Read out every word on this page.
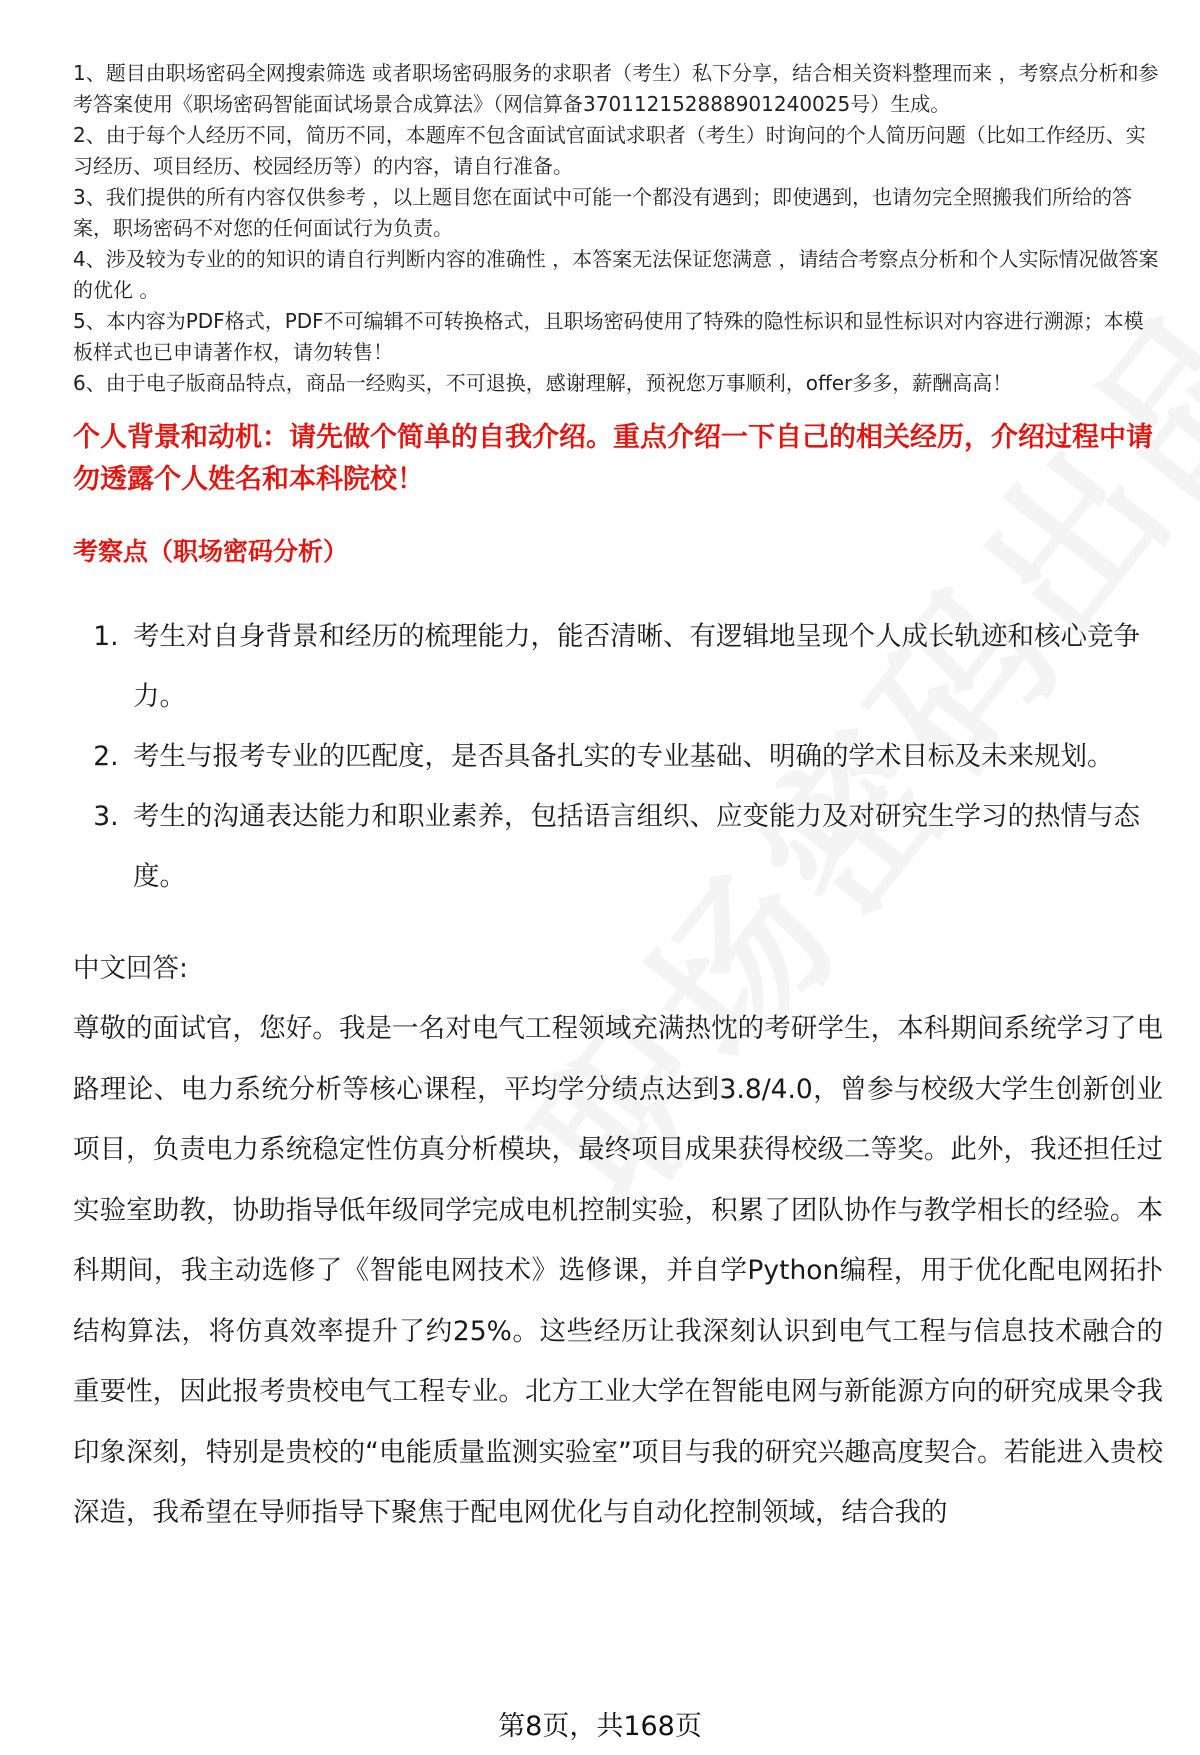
1、题目由职场密码全网搜索筛选 或者职场密码服务的求职者（考生）私下分享，结合相关资料整理而来 ，考察点分析和参考答案使用《职场密码智能面试场景合成算法》（网信算备370112152888901240025号）生成。

2、由于每个人经历不同，简历不同，本题库不包含面试官面试求职者（考生）时询问的个人简历问题（比如工作经历、实习经历、项目经历、校园经历等）的内容，请自行准备。

3、我们提供的所有内容仅供参考 ，以上题目您在面试中可能一个都没有遇到；即使遇到，也请勿完全照搬我们所给的答案，职场密码不对您的任何面试行为负责。

4、涉及较为专业的的知识的请自行判断内容的准确性 ，本答案无法保证您满意 ，请结合考察点分析和个人实际情况做答案的优化 。

5、本内容为PDF格式，PDF不可编辑不可转换格式，且职场密码使用了特殊的隐性标识和显性标识对内容进行溯源；本模板样式也已申请著作权，请勿转售！

6、由于电子版商品特点，商品一经购买，不可退换，感谢理解，预祝您万事顺利，offer多多，薪酬高高！

个人背景和动机：请先做个简单的自我介绍。重点介绍一下自己的相关经历，介绍过程中请勿透露个人姓名和本科院校！

考察点（职场密码分析）

1. 考生对自身背景和经历的梳理能力，能否清晰、有逻辑地呈现个人成长轨迹和核心竞争力。
2. 考生与报考专业的匹配度，是否具备扎实的专业基础、明确的学术目标及未来规划。
3. 考生的沟通表达能力和职业素养，包括语言组织、应变能力及对研究生学习的热情与态度。

中文回答:

尊敬的面试官，您好。我是一名对电气工程领域充满热忱的考研学生，本科期间系统学习了电路理论、电力系统分析等核心课程，平均学分绩点达到3.8/4.0，曾参与校级大学生创新创业项目，负责电力系统稳定性仿真分析模块，最终项目成果获得校级二等奖。此外，我还担任过实验室助教，协助指导低年级同学完成电机控制实验，积累了团队协作与教学相长的经验。本科期间，我主动选修了《智能电网技术》选修课，并自学Python编程，用于优化配电网拓扑结构算法，将仿真效率提升了约25%。这些经历让我深刻认识到电气工程与信息技术融合的重要性，因此报考贵校电气工程专业。北方工业大学在智能电网与新能源方向的研究成果令我印象深刻，特别是贵校的“电能质量监测实验室”项目与我的研究兴趣高度契合。若能进入贵校深造，我希望在导师指导下聚焦于配电网优化与自动化控制领域，结合我的

第8页，共168页
